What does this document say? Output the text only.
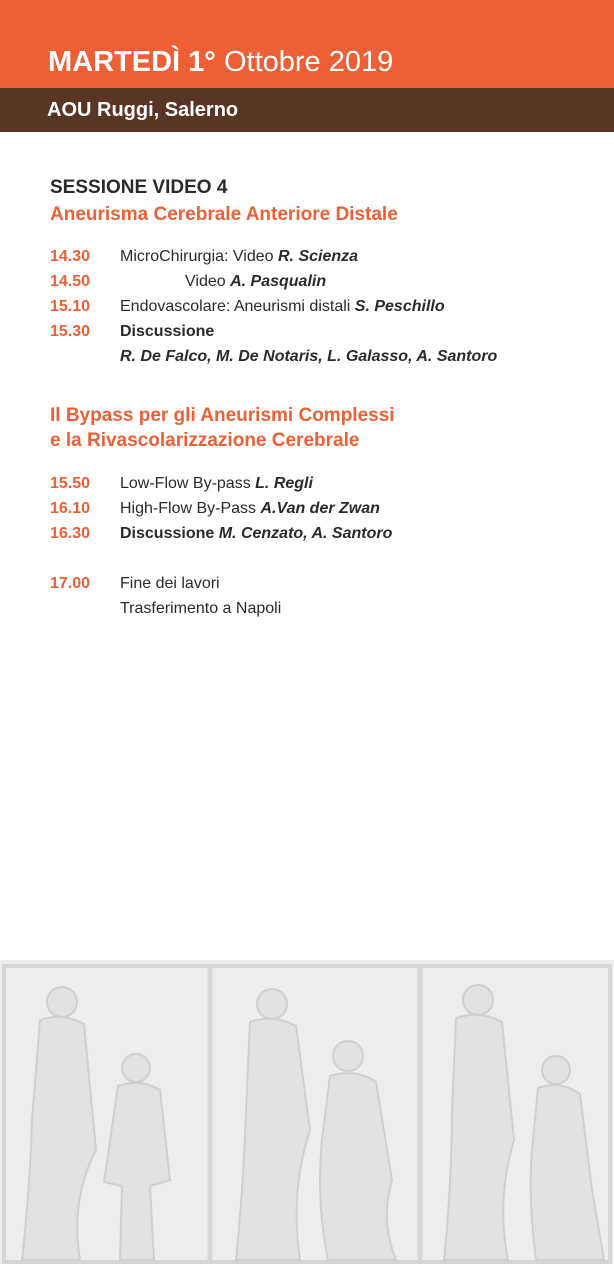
MARTEDÌ 1° Ottobre 2019
AOU Ruggi, Salerno
SESSIONE VIDEO 4
Aneurisma Cerebrale Anteriore Distale
14.30 MicroChirurgia: Video R. Scienza
14.50	Video A. Pasqualin
15.10 Endovascolare: Aneurismi distali S. Peschillo
15.30 Discussione
R. De Falco, M. De Notaris, L. Galasso, A. Santoro
Il Bypass per gli Aneurismi Complessi
e la Rivascolarizzazione Cerebrale
15.50 Low-Flow By-pass L. Regli
16.10 High-Flow By-Pass A.Van der Zwan
16.30 Discussione M. Cenzato, A. Santoro
17.00 Fine dei lavori
Trasferimento a Napoli
